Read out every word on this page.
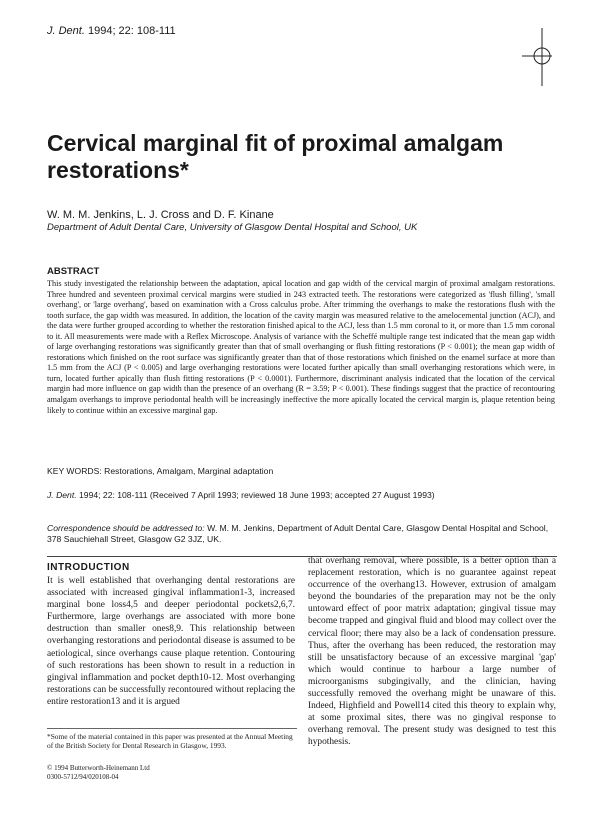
J. Dent. 1994; 22: 108-111
Cervical marginal fit of proximal amalgam restorations*
W. M. M. Jenkins, L. J. Cross and D. F. Kinane
Department of Adult Dental Care, University of Glasgow Dental Hospital and School, UK
ABSTRACT
This study investigated the relationship between the adaptation, apical location and gap width of the cervical margin of proximal amalgam restorations. Three hundred and seventeen proximal cervical margins were studied in 243 extracted teeth. The restorations were categorized as 'flush filling', 'small overhang', or 'large overhang', based on examination with a Cross calculus probe. After trimming the overhangs to make the restorations flush with the tooth surface, the gap width was measured. In addition, the location of the cavity margin was measured relative to the amelocemental junction (ACJ), and the data were further grouped according to whether the restoration finished apical to the ACJ, less than 1.5 mm coronal to it, or more than 1.5 mm coronal to it. All measurements were made with a Reflex Microscope. Analysis of variance with the Scheffé multiple range test indicated that the mean gap width of large overhanging restorations was significantly greater than that of small overhanging or flush fitting restorations (P < 0.001); the mean gap width of restorations which finished on the root surface was significantly greater than that of those restorations which finished on the enamel surface at more than 1.5 mm from the ACJ (P < 0.005) and large overhanging restorations were located further apically than small overhanging restorations which were, in turn, located further apically than flush fitting restorations (P < 0.0001). Furthermore, discriminant analysis indicated that the location of the cervical margin had more influence on gap width than the presence of an overhang (R = 3.59; P < 0.001). These findings suggest that the practice of recontouring amalgam overhangs to improve periodontal health will be increasingly ineffective the more apically located the cervical margin is, plaque retention being likely to continue within an excessive marginal gap.
KEY WORDS: Restorations, Amalgam, Marginal adaptation
J. Dent. 1994; 22: 108-111 (Received 7 April 1993; reviewed 18 June 1993; accepted 27 August 1993)
Correspondence should be addressed to: W. M. M. Jenkins, Department of Adult Dental Care, Glasgow Dental Hospital and School, 378 Sauchiehall Street, Glasgow G2 3JZ, UK.
INTRODUCTION
It is well established that overhanging dental restorations are associated with increased gingival inflammation1-3, increased marginal bone loss4,5 and deeper periodontal pockets2,6,7. Furthermore, large overhangs are associated with more bone destruction than smaller ones8,9. This relationship between overhanging restorations and periodontal disease is assumed to be aetiological, since overhangs cause plaque retention. Contouring of such restorations has been shown to result in a reduction in gingival inflammation and pocket depth10-12. Most overhanging restorations can be successfully recontoured without replacing the entire restoration13 and it is argued
that overhang removal, where possible, is a better option than a replacement restoration, which is no guarantee against repeat occurrence of the overhang13. However, extrusion of amalgam beyond the boundaries of the preparation may not be the only untoward effect of poor matrix adaptation; gingival tissue may become trapped and gingival fluid and blood may collect over the cervical floor; there may also be a lack of condensation pressure. Thus, after the overhang has been reduced, the restoration may still be unsatisfactory because of an excessive marginal 'gap' which would continue to harbour a large number of microorganisms subgingivally, and the clinician, having successfully removed the overhang might be unaware of this. Indeed, Highfield and Powell14 cited this theory to explain why, at some proximal sites, there was no gingival response to overhang removal. The present study was designed to test this hypothesis.
*Some of the material contained in this paper was presented at the Annual Meeting of the British Society for Dental Research in Glasgow, 1993.
© 1994 Butterworth-Heinemann Ltd
0300-5712/94/020108-04
